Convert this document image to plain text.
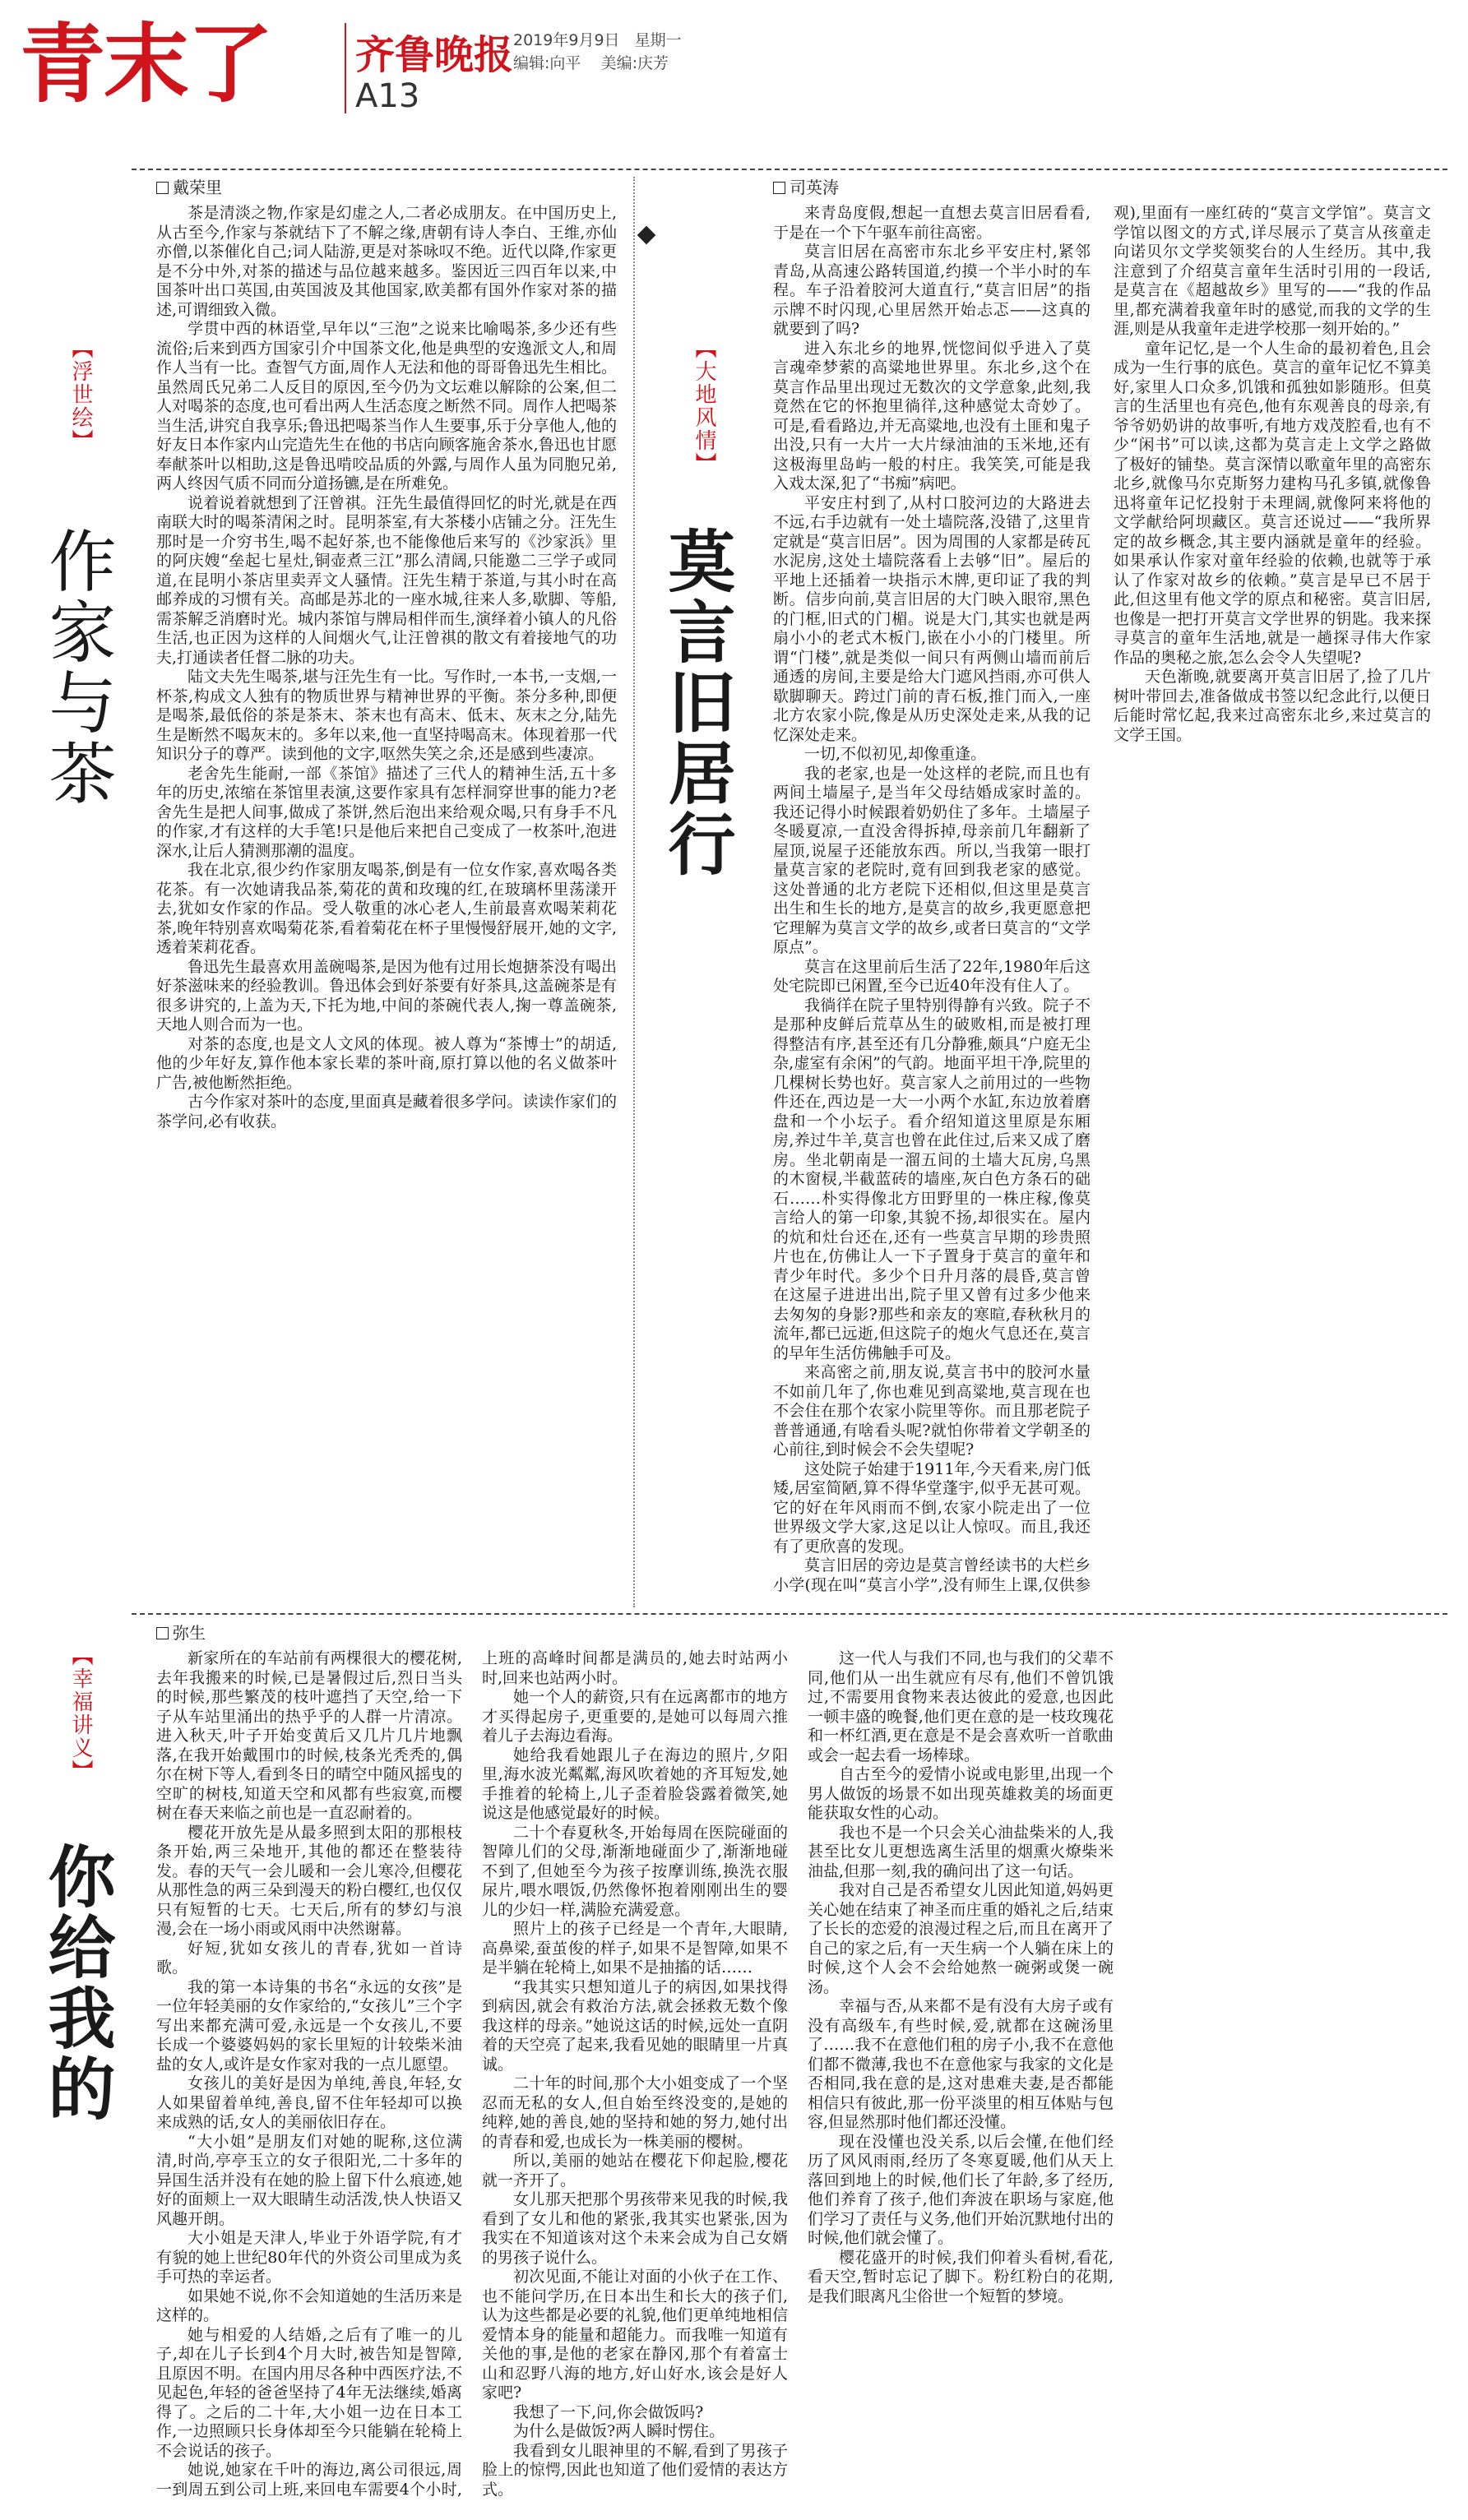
青末了 齐鲁晚报
A13
2019年9月9日 星期一
编辑:向平 美编:庆芳
【浮世绘】
作家与茶
戴荣里

茶是清淡之物,作家是幻虚之人,二者必成朋友。在中国历史上,从古至今,作家与茶就结下了不解之缘,唐朝有诗人李白、王维,亦仙亦僧,以茶催化自己;词人陆游,更是对茶咏叹不绝。近代以降,作家更是不分中外,对茶的描述与品位越来越多。鉴因近三四百年以来,中国茶叶出口英国,由英国波及其他国家,欧美都有国外作家对茶的描述,可谓细致入微。

学贯中西的林语堂,早年以“三泡”之说来比喻喝茶,多少还有些流俗;后来到西方国家引介中国茶文化,他是典型的安逸派文人,和周作人当有一比。查智气方面,周作人无法和他的哥哥鲁迅先生相比。虽然周氏兄弟二人反目的原因,至今仍为文坛难以解除的公案,但二人对喝茶的态度,也可看出两人生活态度之断然不同。周作人把喝茶当生活,讲究自我享乐;鲁迅把喝茶当作人生要事,乐于分享他人,他的好友日本作家内山完造先生在他的书店向顾客施舍茶水,鲁迅也甘愿奉献茶叶以相助,这是鲁迅啃咬品质的外露,与周作人虽为同胞兄弟,两人终因气质不同而分道扬镳,是在所难免。

说着说着就想到了汪曾祺。汪先生最值得回忆的时光,就是在西南联大时的喝茶清闲之时。昆明茶室,有大茶楼小店铺之分。汪先生那时是一介穷书生,喝不起好茶,也不能像他后来写的《沙家浜》里的阿庆嫂“垒起七星灶,铜壶煮三江”那么清阔,只能邀二三学子或同道,在昆明小茶店里卖弄文人骚情。汪先生精于茶道,与其小时在高邮养成的习惯有关。高邮是苏北的一座水城,往来人多,歇脚、等船,需茶解乏消磨时光。城内茶馆与牌局相伴而生,演绎着小镇人的凡俗生活,也正因为这样的人间烟火气,让汪曾祺的散文有着接地气的功夫,打通读者任督二脉的功夫。

陆文夫先生喝茶,堪与汪先生有一比。写作时,一本书,一支烟,一杯茶,构成文人独有的物质世界与精神世界的平衡。茶分多种,即便是喝茶,最低俗的茶是茶末、茶末也有高末、低末、灰末之分,陆先生是断然不喝灰末的。多年以来,他一直坚持喝高末。体现着那一代知识分子的尊严。读到他的文字,呕然失笑之余,还是感到些凄凉。

老舍先生能耐,一部《茶馆》描述了三代人的精神生活,五十多年的历史,浓缩在茶馆里表演,这要作家具有怎样洞穿世事的能力?老舍先生是把人间事,做成了茶饼,然后泡出来给观众喝,只有身手不凡的作家,才有这样的大手笔!只是他后来把自己变成了一枚茶叶,泡进深水,让后人猜测那潮的温度。

我在北京,很少约作家朋友喝茶,倒是有一位女作家,喜欢喝各类花茶。有一次她请我品茶,菊花的黄和玫瑰的红,在玻璃杯里荡漾开去,犹如女作家的作品。受人敬重的冰心老人,生前最喜欢喝茉莉花茶,晚年特别喜欢喝菊花茶,看着菊花在杯子里慢慢舒展开,她的文字,透着茉莉花香。

鲁迅先生最喜欢用盖碗喝茶,是因为他有过用长炮搪茶没有喝出好茶滋味来的经验教训。鲁迅体会到好茶要有好茶具,这盖碗茶是有很多讲究的,上盖为天,下托为地,中间的茶碗代表人,掬一尊盖碗茶,天地人则合而为一也。

对茶的态度,也是文人文风的体现。被人尊为“茶博士”的胡适,他的少年好友,算作他本家长辈的茶叶商,原打算以他的名义做茶叶广告,被他断然拒绝。

古今作家对茶叶的态度,里面真是藏着很多学问。读读作家们的茶学问,必有收获。

【大地风情】
莫言旧居行
司英涛

来青岛度假,想起一直想去莫言旧居看看,于是在一个下午驱车前往高密。

莫言旧居在高密市东北乡平安庄村,紧邻青岛,从高速公路转国道,约摸一个半小时的车程。车子沿着胶河大道直行,“莫言旧居”的指示牌不时闪现,心里居然开始忐忑——这真的就要到了吗?

进入东北乡的地界,恍惚间似乎进入了莫言魂牵梦萦的高粱地世界里。东北乡,这个在莫言作品里出现过无数次的文学意象,此刻,我竟然在它的怀抱里徜徉,这种感觉太奇妙了。可是,看看路边,并无高粱地,也没有土匪和鬼子出没,只有一大片一大片绿油油的玉米地,还有这极海里岛屿一般的村庄。我笑笑,可能是我入戏太深,犯了“书痴”病吧。

平安庄村到了,从村口胶河边的大路进去不远,右手边就有一处土墙院落,没错了,这里肯定就是“莫言旧居”。因为周围的人家都是砖瓦水泥房,这处土墙院落看上去够“旧”。屋后的平地上还插着一块指示木牌,更印证了我的判断。信步向前,莫言旧居的大门映入眼帘,黑色的门框,旧式的门楣。说是大门,其实也就是两扇小小的老式木板门,嵌在小小的门楼里。所谓“门楼”,就是类似一间只有两侧山墙而前后通透的房间,主要是给大门遮风挡雨,亦可供人歇脚聊天。跨过门前的青石板,推门而入,一座北方农家小院,像是从历史深处走来,从我的记忆深处走来。

一切,不似初见,却像重逢。

我的老家,也是一处这样的老院,而且也有两间土墙屋子,是当年父母结婚成家时盖的。我还记得小时候跟着奶奶住了多年。土墙屋子冬暖夏凉,一直没舍得拆掉,母亲前几年翻新了屋顶,说屋子还能放东西。所以,当我第一眼打量莫言家的老院时,竟有回到我老家的感觉。这处普通的北方老院下还相似,但这里是莫言出生和生长的地方,是莫言的故乡,我更愿意把它理解为莫言文学的故乡,或者曰莫言的“文学原点”。

莫言在这里前后生活了22年,1980年后这处宅院即已闲置,至今已近40年没有住人了。

我徜徉在院子里特别得静有兴致。院子不是那种皮鲜后荒草丛生的破败相,而是被打理得整洁有序,甚至还有几分静雅,颇具“户庭无尘杂,虚室有余闲”的气韵。地面平坦干净,院里的几棵树长势也好。莫言家人之前用过的一些物件还在,西边是一大一小两个水缸,东边放着磨盘和一个小坛子。看介绍知道这里原是东厢房,养过牛羊,莫言也曾在此住过,后来又成了磨房。坐北朝南是一溜五间的土墙大瓦房,乌黑的木窗棂,半截蓝砖的墙座,灰白色方条石的础石……朴实得像北方田野里的一株庄稼,像莫言给人的第一印象,其貌不扬,却很实在。屋内的炕和灶台还在,还有一些莫言早期的珍贵照片也在,仿佛让人一下子置身于莫言的童年和青少年时代。多少个日升月落的晨昏,莫言曾在这屋子进进出出,院子里又曾有过多少他来去匆匆的身影?那些和亲友的寒暄,春秋秋月的流年,都已远逝,但这院子的炮火气息还在,莫言的早年生活仿佛触手可及。

来高密之前,朋友说,莫言书中的胶河水量不如前几年了,你也难见到高粱地,莫言现在也不会住在那个农家小院里等你。而且那老院子普普通通,有啥看头呢?就怕你带着文学朝圣的心前往,到时候会不会失望呢?

这处院子始建于1911年,今天看来,房门低矮,居室简陋,算不得华堂蓬宇,似乎无甚可观。它的好在年风雨而不倒,农家小院走出了一位世界级文学大家,这足以让人惊叹。而且,我还有了更欣喜的发现。

莫言旧居的旁边是莫言曾经读书的大栏乡小学(现在叫“莫言小学”,没有师生上课,仅供参观),里面有一座红砖的“莫言文学馆”。莫言文学馆以图文的方式,详尽展示了莫言从孩童走向诺贝尔文学奖领奖台的人生经历。其中,我注意到了介绍莫言童年生活时引用的一段话,是莫言在《超越故乡》里写的——“我的作品里,都充满着我童年时的感觉,而我的文学的生涯,则是从我童年走进学校那一刻开始的。”

童年记忆,是一个人生命的最初着色,且会成为一生行事的底色。莫言的童年记忆不算美好,家里人口众多,饥饿和孤独如影随形。但莫言的生活里也有亮色,他有东观善良的母亲,有爷爷奶奶讲的故事听,有地方戏茂腔看,也有不少“闲书”可以读,这都为莫言走上文学之路做了极好的铺垫。莫言深情以歌童年里的高密东北乡,就像马尔克斯努力建构马孔多镇,就像鲁迅将童年记忆投射于未理阔,就像阿来将他的文学献给阿坝藏区。莫言还说过——“我所界定的故乡概念,其主要内涵就是童年的经验。如果承认作家对童年经验的依赖,也就等于承认了作家对故乡的依赖。”莫言是早已不居于此,但这里有他文学的原点和秘密。莫言旧居,也像是一把打开莫言文学世界的钥匙。我来探寻莫言的童年生活地,就是一趟探寻伟大作家作品的奥秘之旅,怎么会令人失望呢?

天色渐晚,就要离开莫言旧居了,捡了几片树叶带回去,准备做成书签以纪念此行,以便日后能时常忆起,我来过高密东北乡,来过莫言的文学王国。

【幸福讲义】
你给我的
弥生

新家所在的车站前有两棵很大的樱花树,去年我搬来的时候,已是暑假过后,烈日当头的时候,那些繁茂的枝叶遮挡了天空,给一下子从车站里涌出的热乎乎的人群一片清凉。进入秋天,叶子开始变黄后又几片几片地飘落,在我开始戴围巾的时候,枝条光秃秃的,偶尔在树下等人,看到冬日的晴空中随风摇曳的空旷的树枝,知道天空和风都有些寂寞,而樱树在春天来临之前也是一直忍耐着的。

樱花开放先是从最多照到太阳的那根枝条开始,两三朵地开,其他的都还在整装待发。春的天气一会儿暖和一会儿寒冷,但樱花从那性急的两三朵到漫天的粉白樱红,也仅仅只有短暂的七天。七天后,所有的梦幻与浪漫,会在一场小雨或风雨中决然谢幕。

好短,犹如女孩儿的青春,犹如一首诗歌。

我的第一本诗集的书名“永远的女孩”是一位年轻美丽的女作家给的,“女孩儿”三个字写出来都充满可爱,永远是一个女孩儿,不要长成一个婆婆妈妈的家长里短的计较柴米油盐的女人,或许是女作家对我的一点儿愿望。

女孩儿的美好是因为单纯,善良,年轻,女人如果留着单纯,善良,留不住年轻却可以换来成熟的话,女人的美丽依旧存在。

“大小姐”是朋友们对她的昵称,这位满清,时尚,亭亭玉立的女子很阳光,二十多年的异国生活并没有在她的脸上留下什么痕迹,她好的面颊上一双大眼睛生动活泼,快人快语又风趣开朗。

大小姐是天津人,毕业于外语学院,有才有貌的她上世纪80年代的外资公司里成为炙手可热的幸运者。

如果她不说,你不会知道她的生活历来是这样的。

她与相爱的人结婚,之后有了唯一的儿子,却在儿子长到4个月大时,被告知是智障,且原因不明。在国内用尽各种中西医疗法,不见起色,年轻的爸爸坚持了4年无法继续,婚离得了。之后的二十年,大小姐一边在日本工作,一边照顾只长身体却至今只能躺在轮椅上不会说话的孩子。

她说,她家在千叶的海边,离公司很远,周一到周五到公司上班,来回电车需要4个小时,上班的高峰时间都是满员的,她去时站两小时,回来也站两小时。

她一个人的薪资,只有在远离都市的地方才买得起房子,更重要的,是她可以每周六推着儿子去海边看海。

她给我看她跟儿子在海边的照片,夕阳里,海水波光粼粼,海风吹着她的齐耳短发,她手推着的轮椅上,儿子歪着脸袋露着微笑,她说这是他感觉最好的时候。

二十个春夏秋冬,开始每周在医院碰面的智障儿们的父母,渐渐地碰面少了,渐渐地碰不到了,但她至今为孩子按摩训练,换洗衣服尿片,喂水喂饭,仍然像怀抱着刚刚出生的婴儿的少妇一样,满脸充满爱意。

照片上的孩子已经是一个青年,大眼睛,高鼻梁,蚕茧俊的样子,如果不是智障,如果不是半躺在轮椅上,如果不是抽搐的话……

“我其实只想知道儿子的病因,如果找得到病因,就会有救治方法,就会拯救无数个像我这样的母亲。”她说这话的时候,远处一直阴着的天空亮了起来,我看见她的眼睛里一片真诚。

二十年的时间,那个大小姐变成了一个坚忍而无私的女人,但自始至终没变的,是她的纯粹,她的善良,她的坚持和她的努力,她付出的青春和爱,也成长为一株美丽的樱树。

所以,美丽的她站在樱花下仰起脸,樱花就一齐开了。

女儿那天把那个男孩带来见我的时候,我看到了女儿和他的紧张,我其实也紧张,因为我实在不知道该对这个未来会成为自己女婿的男孩子说什么。

初次见面,不能让对面的小伙子在工作、也不能问学历,在日本出生和长大的孩子们,认为这些都是必要的礼貌,他们更单纯地相信爱情本身的能量和超能力。而我唯一知道有关他的事,是他的老家在静冈,那个有着富士山和忍野八海的地方,好山好水,该会是好人家吧?

我想了一下,问,你会做饭吗?

为什么是做饭?两人瞬时愣住。

我看到女儿眼神里的不解,看到了男孩子脸上的惊愕,因此也知道了他们爱情的表达方式。

这一代人与我们不同,也与我们的父辈不同,他们从一出生就应有尽有,他们不曾饥饿过,不需要用食物来表达彼此的爱意,也因此一顿丰盛的晚餐,他们更在意的是一枝玫瑰花和一杯红酒,更在意是不是会喜欢听一首歌曲或会一起去看一场棒球。

自古至今的爱情小说或电影里,出现一个男人做饭的场景不如出现英雄救美的场面更能获取女性的心动。

我也不是一个只会关心油盐柴米的人,我甚至比女儿更想选离生活里的烟熏火燎柴米油盐,但那一刻,我的确问出了这一句话。

我对自己是否希望女儿因此知道,妈妈更关心她在结束了神圣而庄重的婚礼之后,结束了长长的恋爱的浪漫过程之后,而且在离开了自己的家之后,有一天生病一个人躺在床上的时候,这个人会不会给她熬一碗粥或煲一碗汤。

幸福与否,从来都不是有没有大房子或有没有高级车,有些时候,爱,就都在这碗汤里了……我不在意他们租的房子小,我不在意他们都不微薄,我也不在意他家与我家的文化是否相同,我在意的是,这对患难夫妻,是否都能相信只有彼此,那一份平淡里的相互体贴与包容,但显然那时他们都还没懂。

现在没懂也没关系,以后会懂,在他们经历了风风雨雨,经历了冬寒夏暖,他们从天上落回到地上的时候,他们长了年龄,多了经历,他们养育了孩子,他们奔波在职场与家庭,他们学习了责任与义务,他们开始沉默地付出的时候,他们就会懂了。

樱花盛开的时候,我们仰着头看树,看花,看天空,暂时忘记了脚下。粉红粉白的花期,是我们眼离凡尘俗世一个短暂的梦境。
